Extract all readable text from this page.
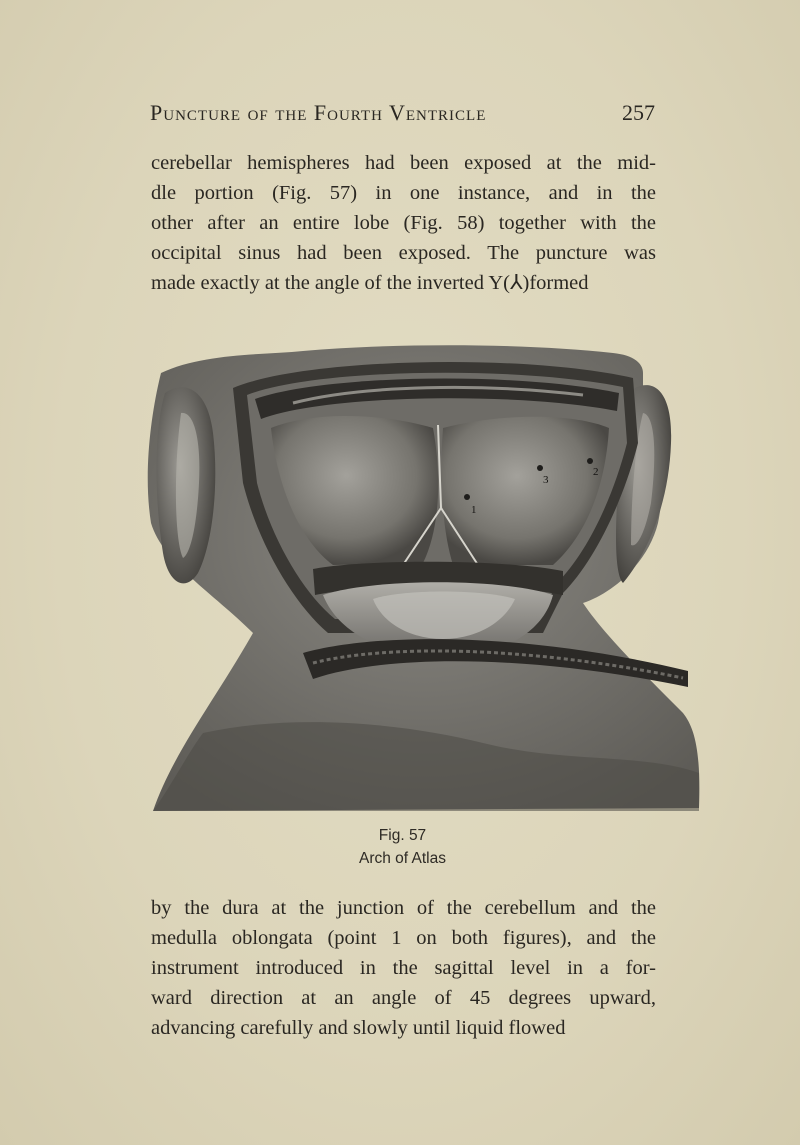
Puncture of the Fourth Ventricle	257

cerebellar hemispheres had been exposed at the mid-
dle portion (Fig. 57) in one instance, and in the
other after an entire lobe (Fig. 58) together with the
occipital sinus had been exposed. The puncture was
made exactly at the angle of the inverted Y(⅄)formed

1
3
2
Fig. 57
Arch of Atlas

by the dura at the junction of the cerebellum and the
medulla oblongata (point 1 on both figures), and the
instrument introduced in the sagittal level in a for-
ward direction at an angle of 45 degrees upward,
advancing carefully and slowly until liquid flowed
